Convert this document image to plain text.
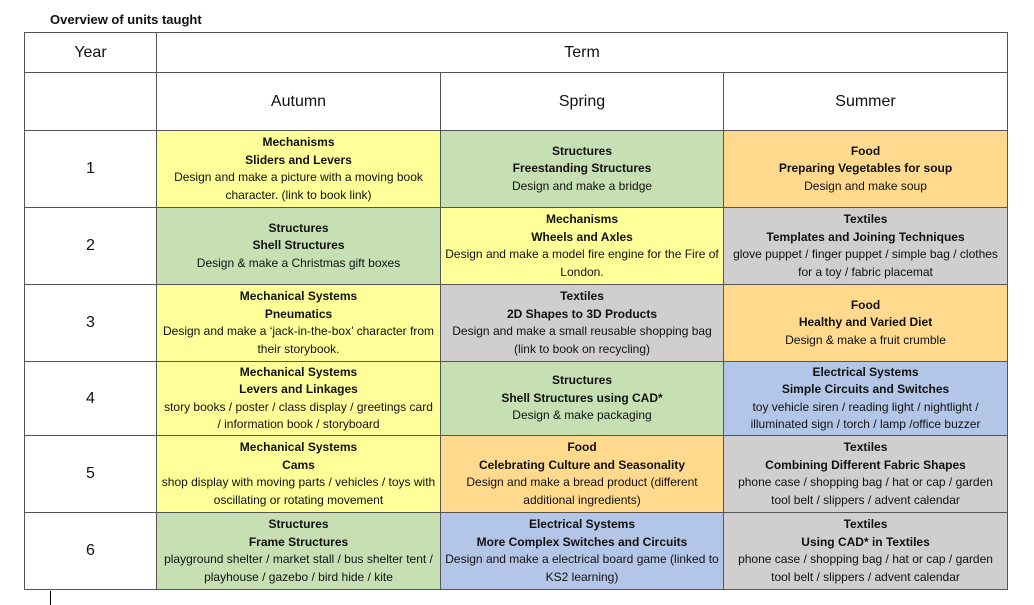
Overview of units taught
Year	Term		
	Autumn	Spring	Summer
1	Mechanisms
Sliders and Levers
Design and make a picture with a moving book character. (link to book link)	Structures
Freestanding Structures
Design and make a bridge	Food
Preparing Vegetables for soup
Design and make soup

2	Structures
Shell Structures
Design & make a Christmas gift boxes	Mechanisms
Wheels and Axles
Design and make a model fire engine for the Fire of London.	Textiles
Templates and Joining Techniques
glove puppet / finger puppet / simple bag / clothes for a toy / fabric placemat

3	Mechanical Systems
Pneumatics
Design and make a ‘jack-in-the-box’ character from their storybook.	Textiles
2D Shapes to 3D Products
Design and make a small reusable shopping bag (link to book on recycling)	Food
Healthy and Varied Diet
Design & make a fruit crumble

4	Mechanical Systems
Levers and Linkages
story books / poster / class display / greetings card / information book / storyboard	Structures
Shell Structures using CAD*
Design & make packaging	Electrical Systems
Simple Circuits and Switches
toy vehicle siren / reading light / nightlight / illuminated sign / torch / lamp /office buzzer

5	Mechanical Systems
Cams
shop display with moving parts / vehicles / toys with oscillating or rotating movement	Food
Celebrating Culture and Seasonality
Design and make a bread product (different additional ingredients)	Textiles
Combining Different Fabric Shapes
phone case / shopping bag / hat or cap / garden tool belt / slippers / advent calendar

6	Structures
Frame Structures
playground shelter / market stall / bus shelter tent / playhouse / gazebo / bird hide / kite	Electrical Systems
More Complex Switches and Circuits
Design and make a electrical board game (linked to KS2 learning)	Textiles
Using CAD* in Textiles
phone case / shopping bag / hat or cap / garden tool belt / slippers / advent calendar
